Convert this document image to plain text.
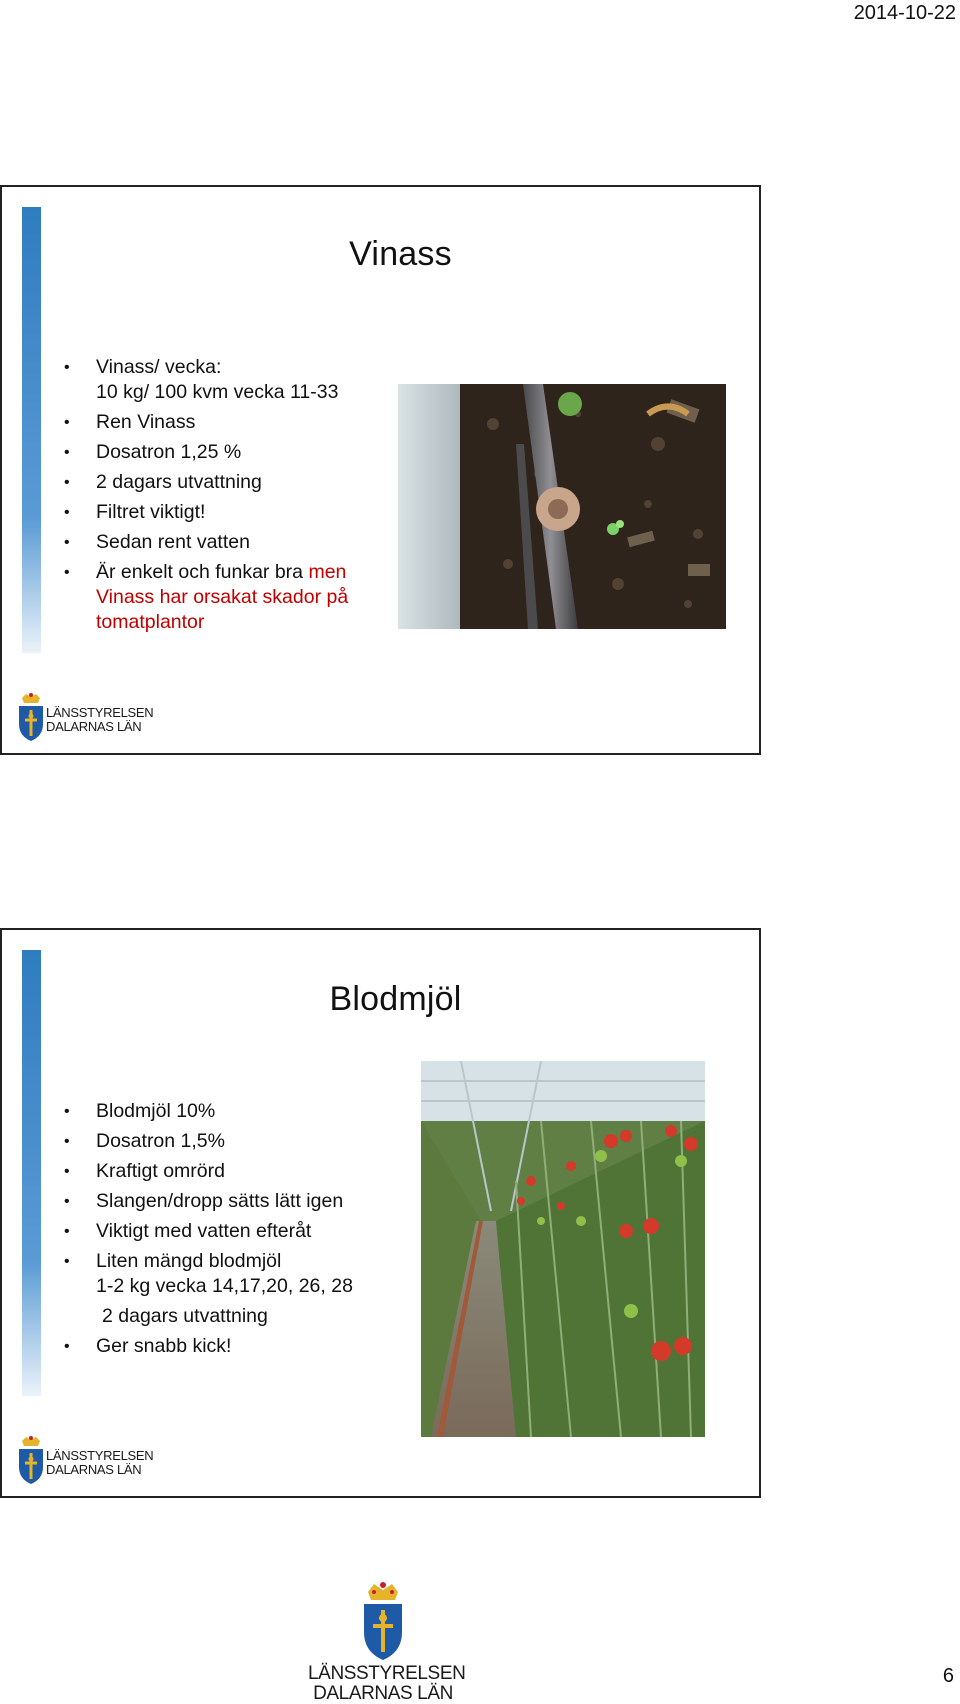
2014-10-22
Vinass
• Vinass/ vecka:
10 kg/ 100 kvm vecka 11-33
• Ren Vinass
• Dosatron 1,25 %
• 2 dagars utvattning
• Filtret viktigt!
• Sedan rent vatten
• Är enkelt och funkar bra men Vinass har orsakat skador på tomatplantor
LÄNSSTYRELSEN
DALARNAS LÄN
Blodmjöl
• Blodmjöl 10%
• Dosatron 1,5%
• Kraftigt omrörd
• Slangen/dropp sätts lätt igen
• Viktigt med vatten efteråt
• Liten mängd blodmjöl
1-2 kg vecka 14,17,20, 26, 28
2 dagars utvattning
• Ger snabb kick!
LÄNSSTYRELSEN
DALARNAS LÄN
LÄNSSTYRELSEN
DALARNAS LÄN
6
